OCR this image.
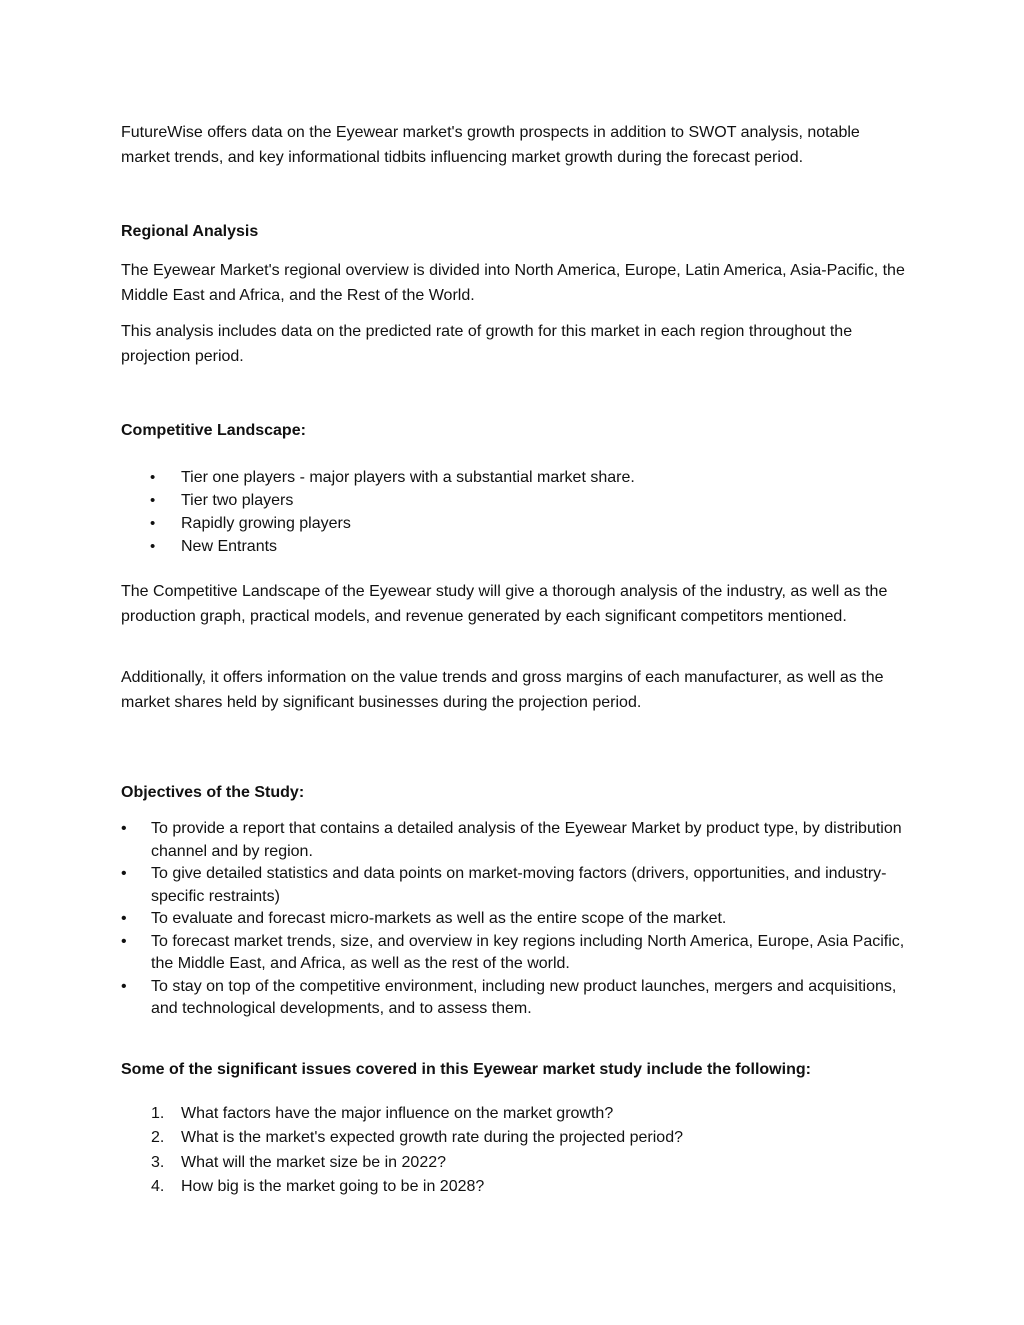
FutureWise offers data on the Eyewear market's growth prospects in addition to SWOT analysis, notable market trends, and key informational tidbits influencing market growth during the forecast period.

Regional Analysis

The Eyewear Market's regional overview is divided into North America, Europe, Latin America, Asia-Pacific, the Middle East and Africa, and the Rest of the World.

This analysis includes data on the predicted rate of growth for this market in each region throughout the projection period.

Competitive Landscape:
• Tier one players - major players with a substantial market share.
• Tier two players
• Rapidly growing players
• New Entrants

The Competitive Landscape of the Eyewear study will give a thorough analysis of the industry, as well as the production graph, practical models, and revenue generated by each significant competitors mentioned.

Additionally, it offers information on the value trends and gross margins of each manufacturer, as well as the market shares held by significant businesses during the projection period.

Objectives of the Study:
• To provide a report that contains a detailed analysis of the Eyewear Market by product type, by distribution channel and by region.
• To give detailed statistics and data points on market-moving factors (drivers, opportunities, and industry-specific restraints)
• To evaluate and forecast micro-markets as well as the entire scope of the market.
• To forecast market trends, size, and overview in key regions including North America, Europe, Asia Pacific, the Middle East, and Africa, as well as the rest of the world.
• To stay on top of the competitive environment, including new product launches, mergers and acquisitions, and technological developments, and to assess them.
Some of the significant issues covered in this Eyewear market study include the following:
1. What factors have the major influence on the market growth?
2. What is the market's expected growth rate during the projected period?
3. What will the market size be in 2022?
4. How big is the market going to be in 2028?
